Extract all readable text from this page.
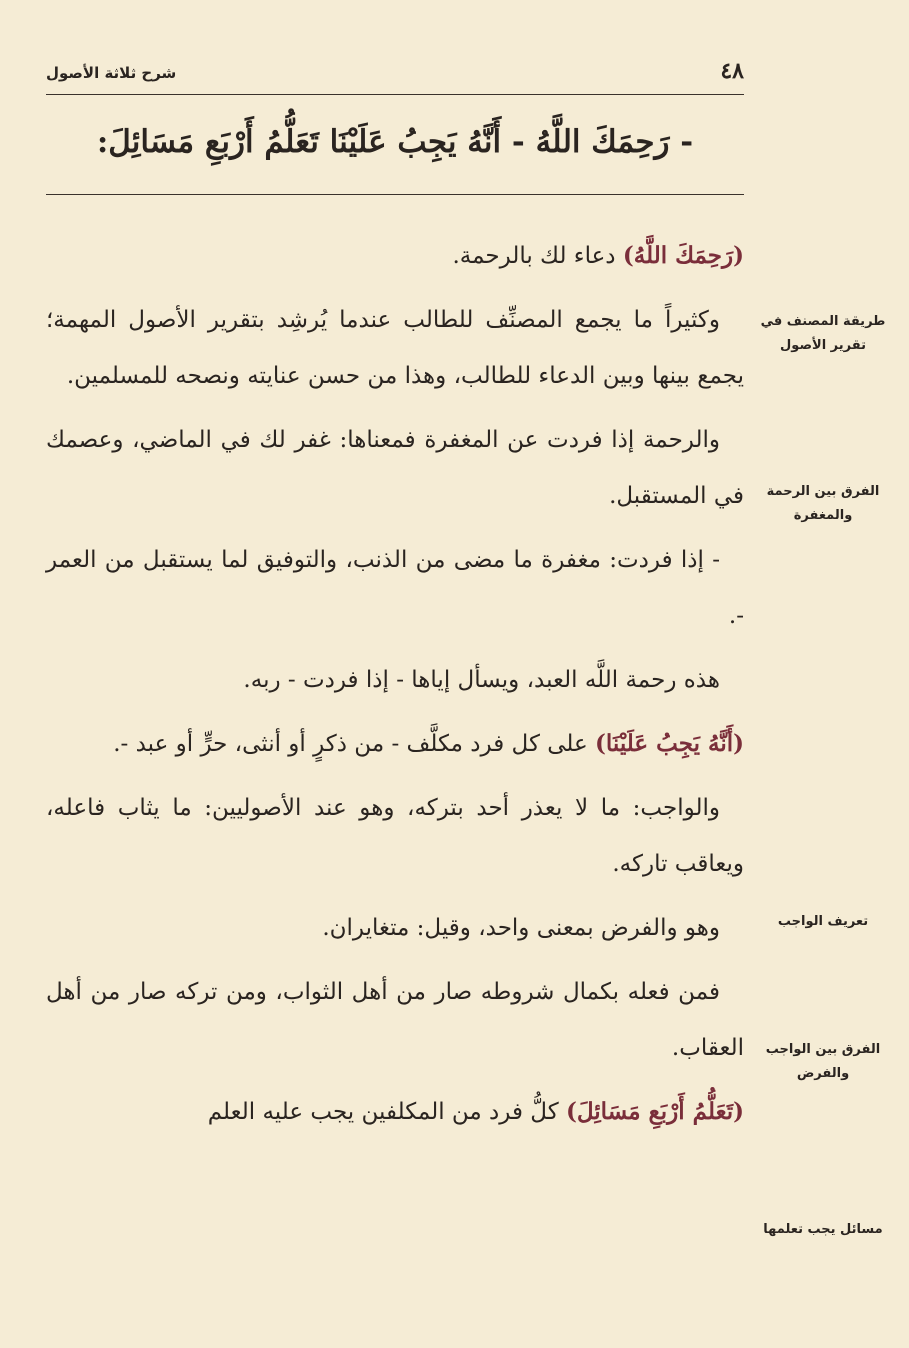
٤٨
شرح ثلاثة الأصول
- رَحِمَكَ اللَّهُ - أَنَّهُ يَجِبُ عَلَيْنَا تَعَلُّمُ أَرْبَعِ مَسَائِلَ:

(رَحِمَكَ اللَّهُ) دعاء لك بالرحمة.

وكثيراً ما يجمع المصنِّف للطالب عندما يُرشِد بتقرير الأصول المهمة؛ يجمع بينها وبين الدعاء للطالب، وهذا من حسن عنايته ونصحه للمسلمين.

والرحمة إذا فردت عن المغفرة فمعناها: غفر لك في الماضي، وعصمك في المستقبل.

- إذا فردت: مغفرة ما مضى من الذنب، والتوفيق لما يستقبل من العمر -.

هذه رحمة اللَّه العبد، ويسأل إياها - إذا فردت - ربه.

(أَنَّهُ يَجِبُ عَلَيْنَا) على كل فرد مكلَّف - من ذكرٍ أو أنثى، حرٍّ أو عبد -.

والواجب: ما لا يعذر أحد بتركه، وهو عند الأصوليين: ما يثاب فاعله، ويعاقب تاركه.

وهو والفرض بمعنى واحد، وقيل: متغايران.

فمن فعله بكمال شروطه صار من أهل الثواب، ومن تركه صار من أهل العقاب.

(تَعَلُّمُ أَرْبَعِ مَسَائِلَ) كلُّ فرد من المكلفين يجب عليه العلم

طريقة المصنف في تقرير الأصول
الفرق بين الرحمة والمغفرة
تعريف الواجب
الفرق بين الواجب والفرض
مسائل يجب تعلمها
